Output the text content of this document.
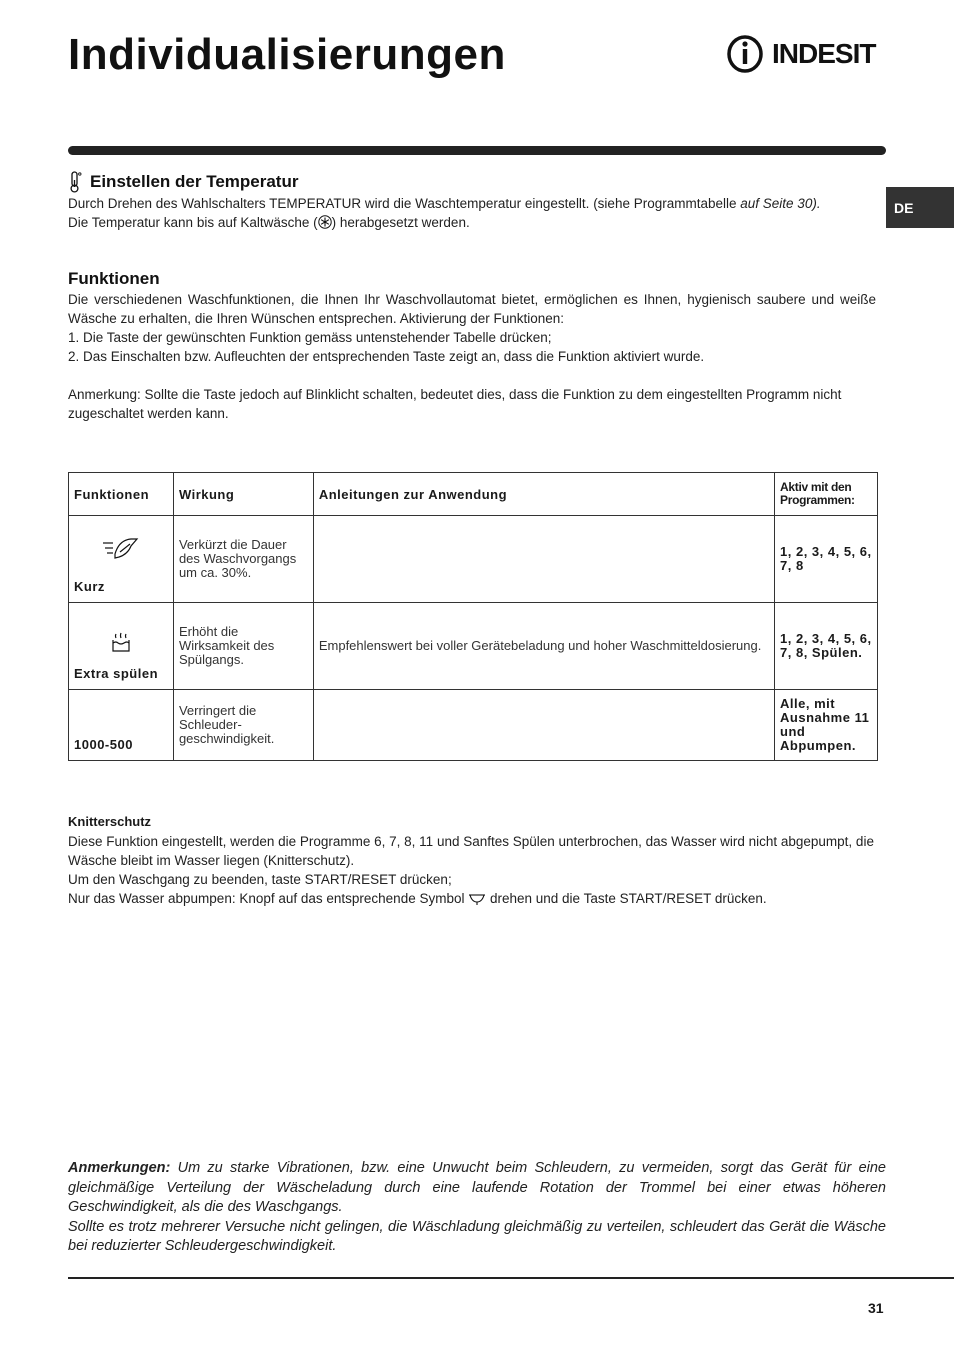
Individualisierungen	INDESIT
DE
Einstellen der Temperatur

Durch Drehen des Wahlschalters TEMPERATUR wird die Waschtemperatur eingestellt. (siehe Programmtabelle auf Seite 30).

Die Temperatur kann bis auf Kaltwäsche ( ) herabgesetzt werden.

Funktionen

Die verschiedenen Waschfunktionen, die Ihnen Ihr Waschvollautomat bietet, ermöglichen es Ihnen, hygienisch saubere und weiße Wäsche zu erhalten, die Ihren Wünschen entsprechen. Aktivierung der Funktionen:

1. Die Taste der gewünschten Funktion gemäss untenstehender Tabelle drücken;

2. Das Einschalten bzw. Aufleuchten der entsprechenden Taste zeigt an, dass die Funktion aktiviert wurde.

Anmerkung: Sollte die Taste jedoch auf Blinklicht schalten, bedeutet dies, dass die Funktion zu dem eingestellten Programm nicht zugeschaltet werden kann.

Funktionen	Wirkung	Anleitungen zur Anwendung	Aktiv mit den Programmen:

Kurz	Verkürzt die Dauer des Waschvorgangs um ca. 30%.		1, 2, 3, 4, 5, 6, 7, 8

Extra spülen	Erhöht die Wirksamkeit des Spülgangs.	Empfehlenswert bei voller Gerätebeladung und hoher Waschmitteldosierung.	1, 2, 3, 4, 5, 6, 7, 8, Spülen.
1000-500	Verringert die Schleuder-geschwindigkeit.		Alle, mit Ausnahme 11 und Abpumpen.
Knitterschutz

Diese Funktion eingestellt, werden die Programme 6, 7, 8, 11 und Sanftes Spülen unterbrochen, das Wasser wird nicht abgepumpt, die Wäsche bleibt im Wasser liegen (Knitterschutz).

Um den Waschgang zu beenden, taste START/RESET drücken;

Nur das Wasser abpumpen: Knopf auf das entsprechende Symbol  drehen und die Taste START/RESET drücken.

Anmerkungen: Um zu starke Vibrationen, bzw. eine Unwucht beim Schleudern, zu vermeiden, sorgt das Gerät für eine gleichmäßige Verteilung der Wäscheladung durch eine laufende Rotation der Trommel bei einer etwas höheren Geschwindigkeit, als die des Waschgangs.
Sollte es trotz mehrerer Versuche nicht gelingen, die Wäschladung gleichmäßig zu verteilen, schleudert das Gerät die Wäsche bei reduzierter Schleudergeschwindigkeit.
31
